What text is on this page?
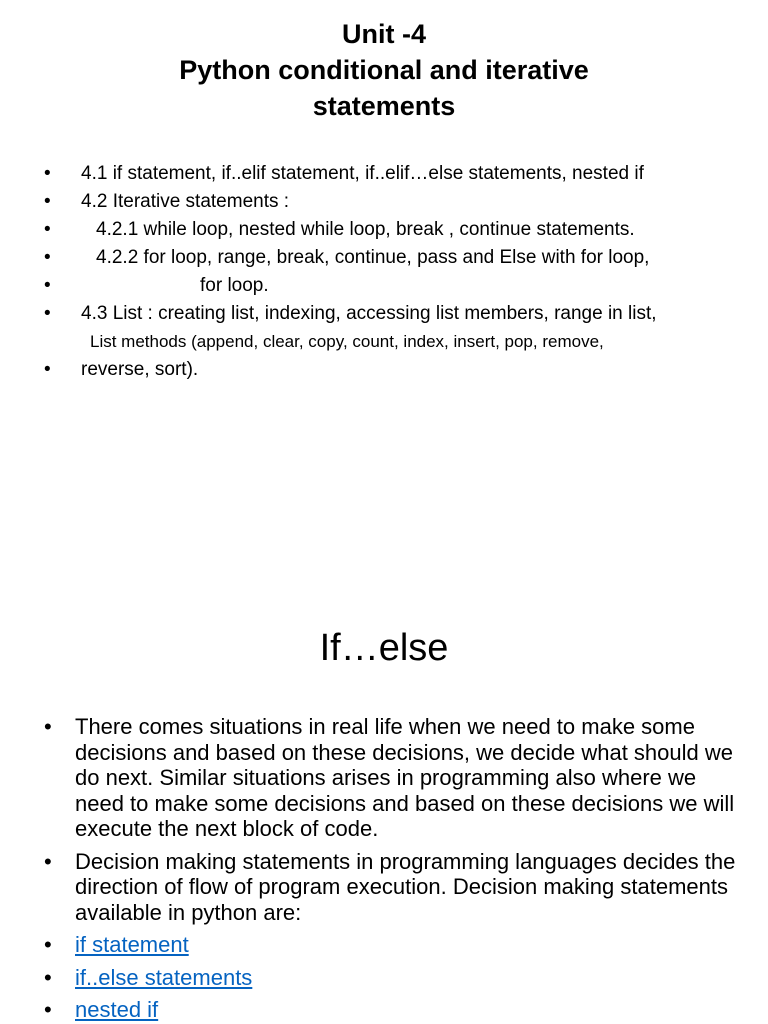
Unit -4
Python conditional and iterative
statements
• 4.1 if statement, if..elif statement, if..elif…else statements, nested if
• 4.2 Iterative statements :
• 4.2.1 while loop, nested while loop, break , continue statements.
• 4.2.2 for loop, range, break, continue, pass and Else with for loop,
•	for loop.
• 4.3 List : creating list, indexing, accessing list members, range in list,
List methods (append, clear, copy, count, index, insert, pop, remove,
• reverse, sort).
If…else
• There comes situations in real life when we need to make some decisions and based on these decisions, we decide what should we do next. Similar situations arises in programming also where we need to make some decisions and based on these decisions we will execute the next block of code.
• Decision making statements in programming languages decides the direction of flow of program execution. Decision making statements available in python are:
• if statement
• if..else statements
• nested if
